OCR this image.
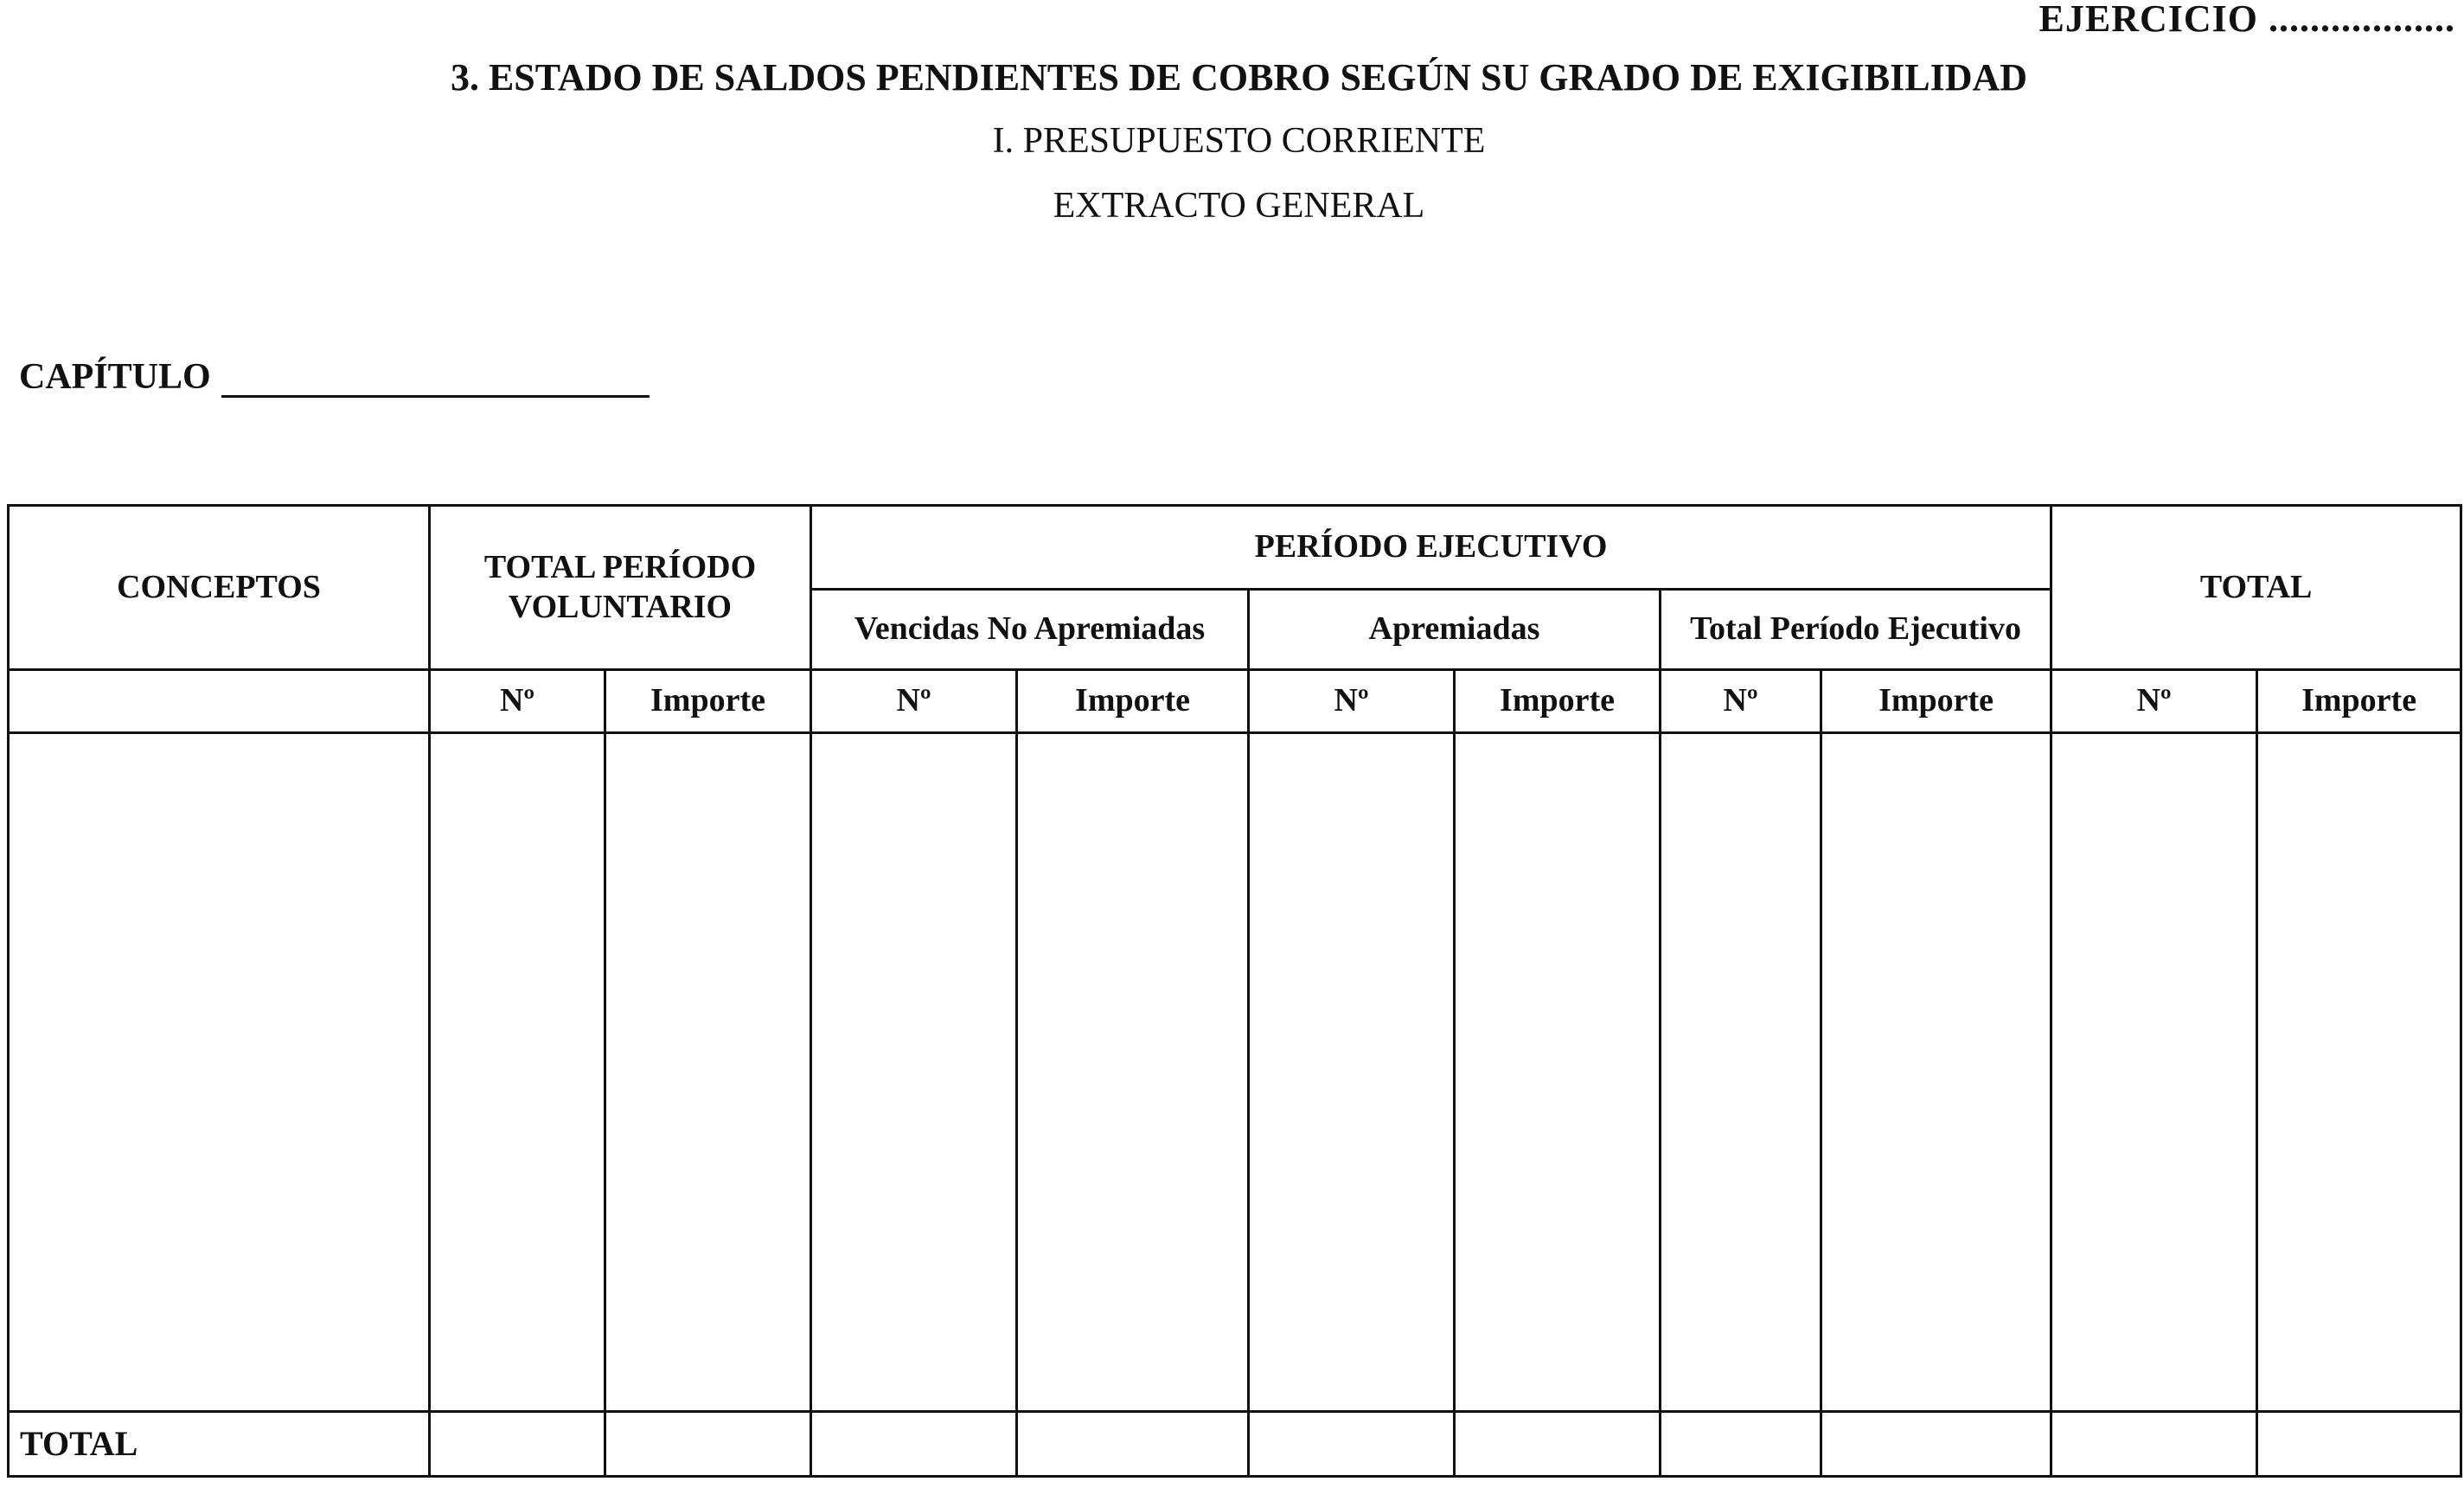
EJERCICIO ..................
3. ESTADO DE SALDOS PENDIENTES DE COBRO SEGÚN SU GRADO DE EXIGIBILIDAD
I. PRESUPUESTO CORRIENTE
EXTRACTO GENERAL
CAPÍTULO
CONCEPTOS	TOTAL PERÍODO VOLUNTARIO		PERÍODO EJECUTIVO						TOTAL	
			Vencidas No Apremiadas		Apremiadas		Total Período Ejecutivo			
	Nº	Importe	Nº	Importe	Nº	Importe	Nº	Importe	Nº	Importe

TOTAL										
